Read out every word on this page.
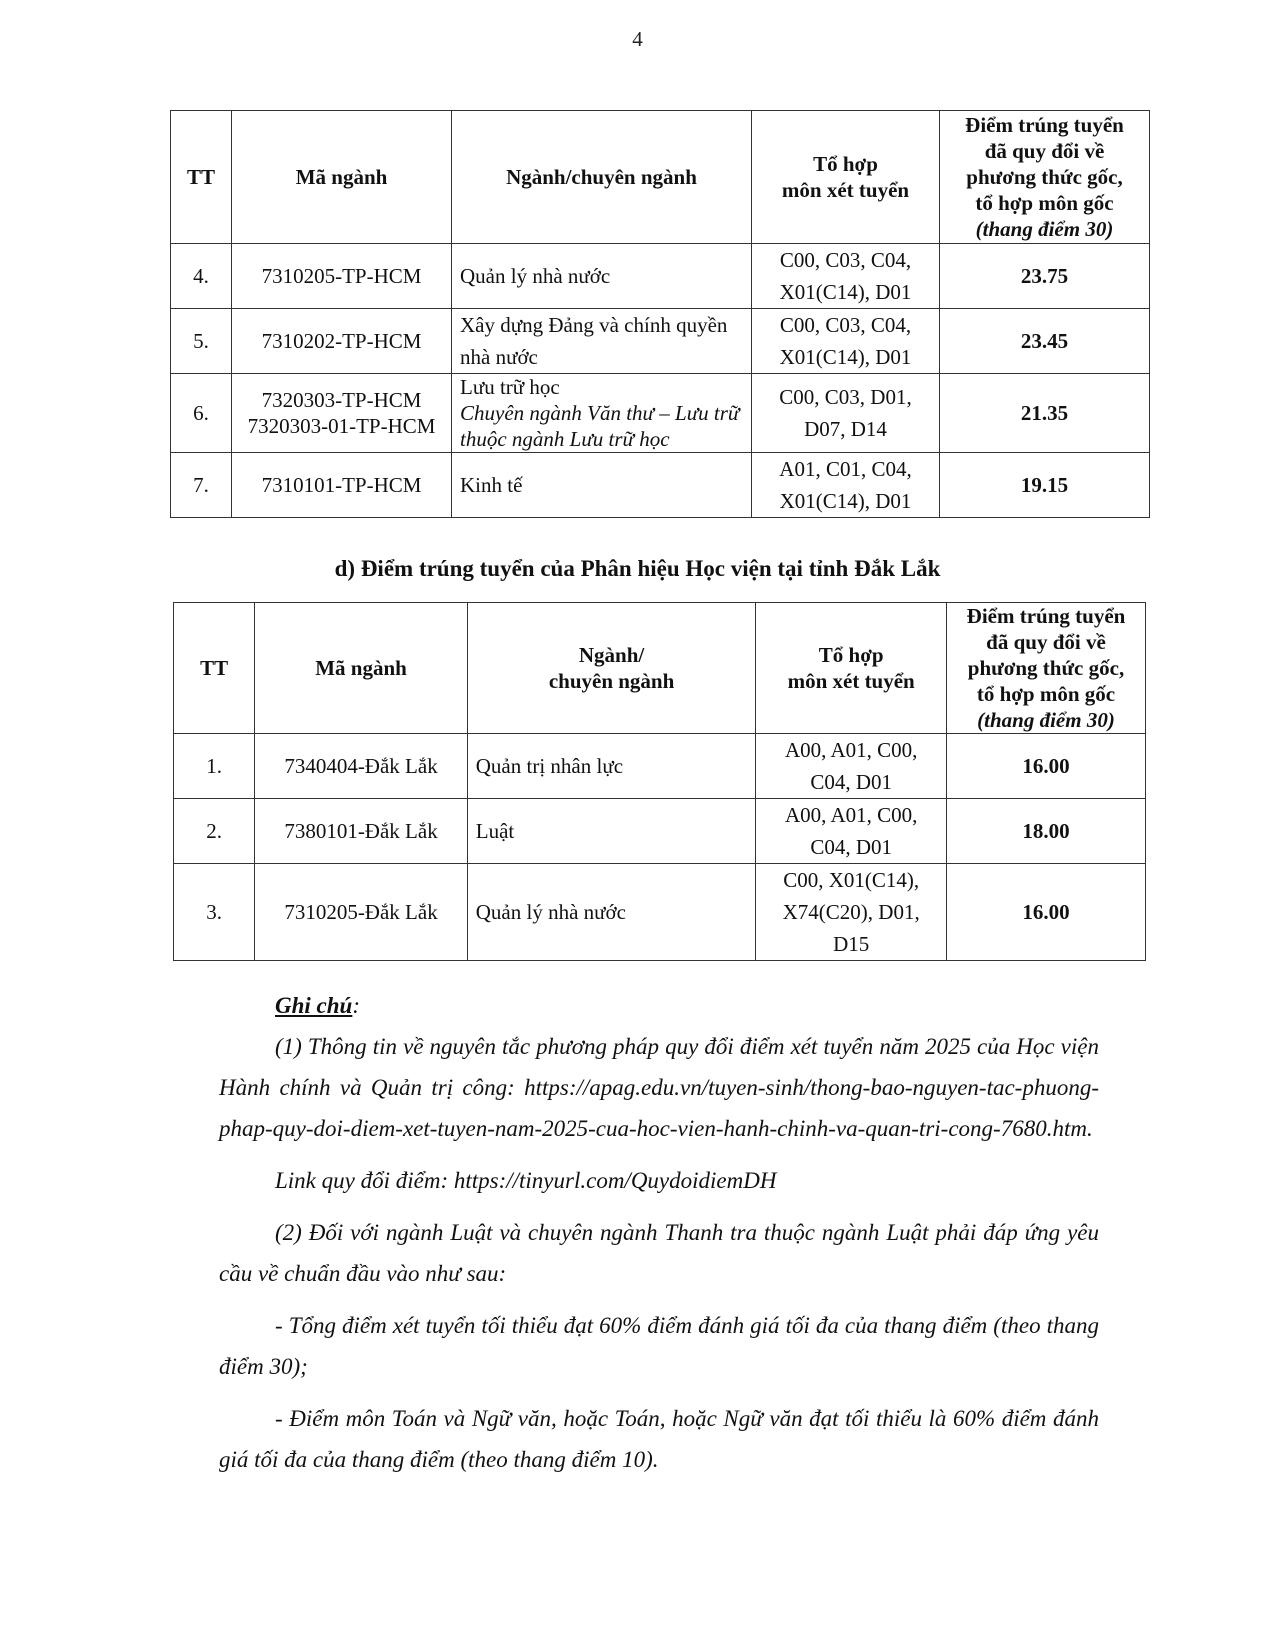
4
TT	Mã ngành	Ngành/chuyên ngành	Tổ hợp
môn xét tuyển	Điểm trúng tuyển
đã quy đổi về
phương thức gốc,
tổ hợp môn gốc
(thang điểm 30)

4.	7310205-TP-HCM	Quản lý nhà nước	C00, C03, C04,
X01(C14), D01	23.75
5.	7310202-TP-HCM	Xây dựng Đảng và chính quyền nhà nước	C00, C03, C04,
X01(C14), D01	23.45
6.	7320303-TP-HCM
7320303-01-TP-HCM	Lưu trữ học
Chuyên ngành Văn thư – Lưu trữ thuộc ngành Lưu trữ học	C00, C03, D01,
D07, D14	21.35
7.	7310101-TP-HCM	Kinh tế	A01, C01, C04,
X01(C14), D01	19.15
d) Điểm trúng tuyển của Phân hiệu Học viện tại tỉnh Đắk Lắk
TT	Mã ngành	Ngành/
chuyên ngành	Tổ hợp
môn xét tuyển	Điểm trúng tuyển
đã quy đổi về
phương thức gốc,
tổ hợp môn gốc
(thang điểm 30)

1.	7340404-Đắk Lắk	Quản trị nhân lực	A00, A01, C00,
C04, D01	16.00
2.	7380101-Đắk Lắk	Luật	A00, A01, C00,
C04, D01	18.00
3.	7310205-Đắk Lắk	Quản lý nhà nước	C00, X01(C14),
X74(C20), D01,
D15	16.00
Ghi chú:

(1) Thông tin về nguyên tắc phương pháp quy đổi điểm xét tuyển năm 2025 của Học viện Hành chính và Quản trị công: https://apag.edu.vn/tuyen-sinh/thong-bao-nguyen-tac-phuong-phap-quy-doi-diem-xet-tuyen-nam-2025-cua-hoc-vien-hanh-chinh-va-quan-tri-cong-7680.htm.

Link quy đổi điểm: https://tinyurl.com/QuydoidiemDH

(2) Đối với ngành Luật và chuyên ngành Thanh tra thuộc ngành Luật phải đáp ứng yêu cầu về chuẩn đầu vào như sau:

- Tổng điểm xét tuyển tối thiểu đạt 60% điểm đánh giá tối đa của thang điểm (theo thang điểm 30);

- Điểm môn Toán và Ngữ văn, hoặc Toán, hoặc Ngữ văn đạt tối thiểu là 60% điểm đánh giá tối đa của thang điểm (theo thang điểm 10).
